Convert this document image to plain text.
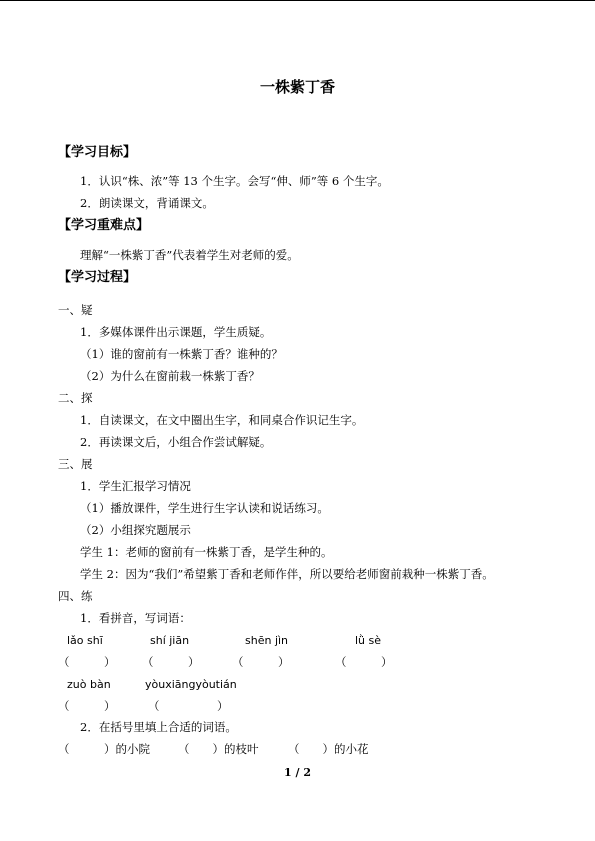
一株紫丁香
【学习目标】
1．认识“株、浓”等 13 个生字。会写“伸、师”等 6 个生字。
2．朗读课文，背诵课文。
【学习重难点】
理解“一株紫丁香”代表着学生对老师的爱。
【学习过程】
一、疑
1．多媒体课件出示课题，学生质疑。
（1）谁的窗前有一株紫丁香？谁种的？
（2）为什么在窗前栽一株紫丁香？
二、探
1．自读课文，在文中圈出生字，和同桌合作识记生字。
2．再读课文后，小组合作尝试解疑。
三、展
1．学生汇报学习情况
（1）播放课件，学生进行生字认读和说话练习。
（2）小组探究题展示
学生 1：老师的窗前有一株紫丁香，是学生种的。
学生 2：因为“我们”希望紫丁香和老师作伴，所以要给老师窗前栽种一株紫丁香。
四、练
1．看拼音，写词语：
lǎo shī	shí jiān	shēn jìn	lǜ sè
（　　　） （　　　）	（　　　）	（　　　）
zuò bàn	yòuxiāngyòutián
（　　　）	（　　　　　）
2．在括号里填上合适的词语。
（　　　）的小院 （　　）的枝叶	（　　）的小花
1 / 2
